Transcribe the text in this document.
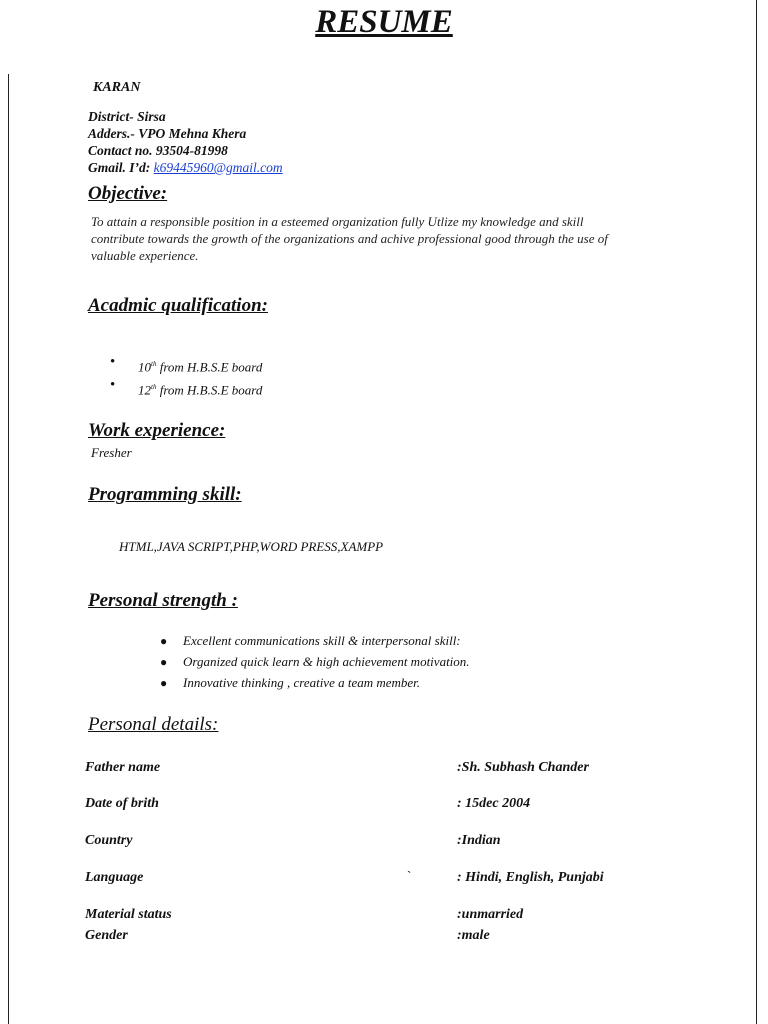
RESUME
KARAN
District- Sirsa
Adders.- VPO Mehna Khera
Contact no. 93504-81998
Gmail. I’d: k69445960@gmail.com
Objective:
To attain a responsible position in a esteemed organization fully Utlize my knowledge and skill
contribute towards the growth of the organizations and achive professional good through the use of
valuable experience.
Acadmic qualification:
• 10th from H.B.S.E board
• 12th from H.B.S.E board
Work experience:
Fresher
Programming skill:
HTML,JAVA SCRIPT,PHP,WORD PRESS,XAMPP
Personal strength :
● Excellent communications skill & interpersonal skill:
● Organized quick learn & high achievement motivation.
● Innovative thinking , creative a team member.
Personal details:
Father name	:Sh. Subhash Chander
Date of brith	: 15dec 2004
Country	:Indian
Language	`	: Hindi, English, Punjabi
Material status	:unmarried
Gender	:male
